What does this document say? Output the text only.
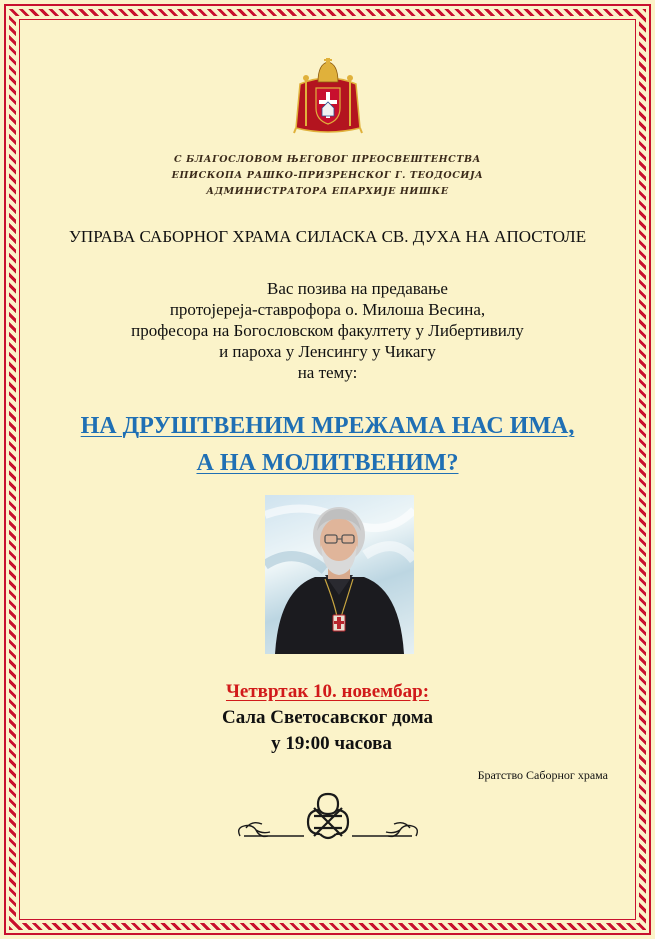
С БЛАГОСЛОВОМ ЊЕГОВОГ ПРЕОСВЕШТЕНСТВА
ЕПИСКОПА РАШКО-ПРИЗРЕНСКОГ Г. ТЕОДОСИЈА
АДМИНИСТРАТОРА ЕПАРХИЈЕ НИШКЕ
УПРАВА САБОРНОГ ХРАМА СИЛАСКА СВ. ДУХА НА АПОСТОЛЕ
Вас позива на предавање
протојереја-ставрофора о. Милоша Весина,
професора на Богословском факултету у Либертивилу
и пароха у Ленсингу у Чикагу
на тему:
НА ДРУШТВЕНИМ МРЕЖАМА НАС ИМА,
А НА МОЛИТВЕНИМ?
Четвртак 10. новембар:
Сала Светосавског дома
у 19:00 часова
Братство Саборног храма
